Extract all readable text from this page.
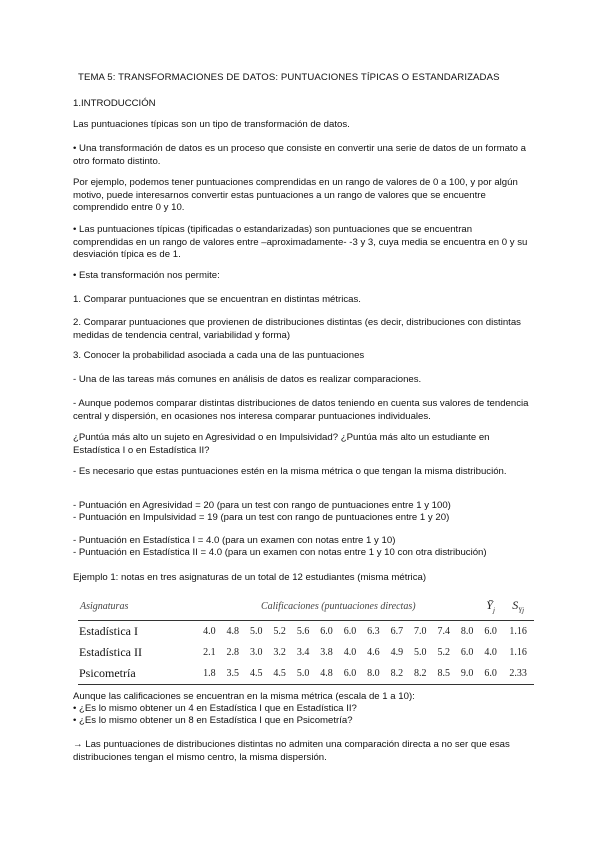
TEMA 5: TRANSFORMACIONES DE DATOS: PUNTUACIONES TÍPICAS O ESTANDARIZADAS

1.INTRODUCCIÓN

Las puntuaciones típicas son un tipo de transformación de datos.

• Una transformación de datos es un proceso que consiste en convertir una serie de datos de un formato a otro formato distinto.

Por ejemplo, podemos tener puntuaciones comprendidas en un rango de valores de 0 a 100, y por algún motivo, puede interesarnos convertir estas puntuaciones a un rango de valores que se encuentre comprendido entre 0 y 10.

• Las puntuaciones típicas (tipificadas o estandarizadas) son puntuaciones que se encuentran comprendidas en un rango de valores entre –aproximadamente- -3 y 3, cuya media se encuentra en 0 y su desviación típica es de 1.

• Esta transformación nos permite:

1. Comparar puntuaciones que se encuentran en distintas métricas.

2. Comparar puntuaciones que provienen de distribuciones distintas (es decir, distribuciones con distintas medidas de tendencia central, variabilidad y forma)

3. Conocer la probabilidad asociada a cada una de las puntuaciones

- Una de las tareas más comunes en análisis de datos es realizar comparaciones.

- Aunque podemos comparar distintas distribuciones de datos teniendo en cuenta sus valores de tendencia central y dispersión, en ocasiones nos interesa comparar puntuaciones individuales.

¿Puntúa más alto un sujeto en Agresividad o en Impulsividad? ¿Puntúa más alto un estudiante en Estadística I o en Estadística II?

- Es necesario que estas puntuaciones estén en la misma métrica o que tengan la misma distribución.

- Puntuación en Agresividad = 20 (para un test con rango de puntuaciones entre 1 y 100)

- Puntuación en Impulsividad = 19 (para un test con rango de puntuaciones entre 1 y 20)

- Puntuación en Estadística I = 4.0 (para un examen con notas entre 1 y 10)

- Puntuación en Estadística II = 4.0 (para un examen con notas entre 1 y 10 con otra distribución)

Ejemplo 1: notas en tres asignaturas de un total de 12 estudiantes (misma métrica)

Asignaturas	Calificaciones (puntuaciones directas)												$Ȳ_j$	$S_{Yj}$
Estadística I	4.0	4.8	5.0	5.2	5.6	6.0	6.0	6.3	6.7	7.0	7.4	8.0	6.0	1.16
Estadística II	2.1	2.8	3.0	3.2	3.4	3.8	4.0	4.6	4.9	5.0	5.2	6.0	4.0	1.16
Psicometría	1.8	3.5	4.5	4.5	5.0	4.8	6.0	8.0	8.2	8.2	8.5	9.0	6.0	2.33

Aunque las calificaciones se encuentran en la misma métrica (escala de 1 a 10):

• ¿Es lo mismo obtener un 4 en Estadística I que en Estadística II?

• ¿Es lo mismo obtener un 8 en Estadística I que en Psicometría?

→ Las puntuaciones de distribuciones distintas no admiten una comparación directa a no ser que esas distribuciones tengan el mismo centro, la misma dispersión.
